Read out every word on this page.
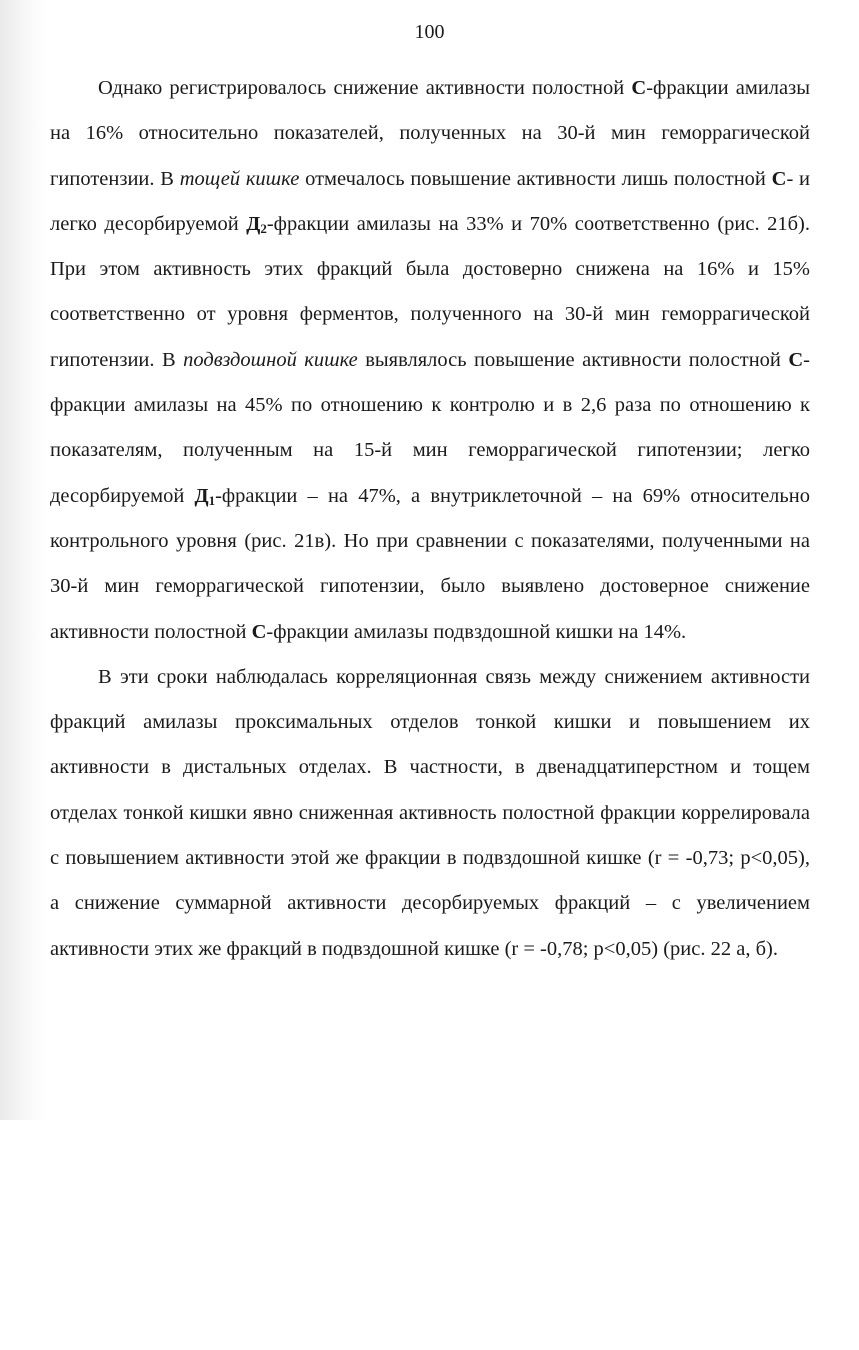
100

Однако регистрировалось снижение активности полостной С-фракции амилазы на 16% относительно показателей, полученных на 30-й мин геморрагической гипотензии. В тощей кишке отмечалось повышение активности лишь полостной С- и легко десорбируемой $Д_2$-фракции амилазы на 33% и 70% соответственно (рис. 21б). При этом активность этих фракций была достоверно снижена на 16% и 15% соответственно от уровня ферментов, полученного на 30-й мин геморрагической гипотензии. В подвздошной кишке выявлялось повышение активности полостной С-фракции амилазы на 45% по отношению к контролю и в 2,6 раза по отношению к показателям, полученным на 15-й мин геморрагической гипотензии; легко десорбируемой $Д_1$-фракции – на 47%, а внутриклеточной – на 69% относительно контрольного уровня (рис. 21в). Но при сравнении с показателями, полученными на 30-й мин геморрагической гипотензии, было выявлено достоверное снижение активности полостной С-фракции амилазы подвздошной кишки на 14%.

В эти сроки наблюдалась корреляционная связь между снижением активности фракций амилазы проксимальных отделов тонкой кишки и повышением их активности в дистальных отделах. В частности, в двенадцатиперстном и тощем отделах тонкой кишки явно сниженная активность полостной фракции коррелировала с повышением активности этой же фракции в подвздошной кишке (r = -0,73; p<0,05), а снижение суммарной активности десорбируемых фракций – с увеличением активности этих же фракций в подвздошной кишке (r = -0,78; p<0,05) (рис. 22 а, б).
